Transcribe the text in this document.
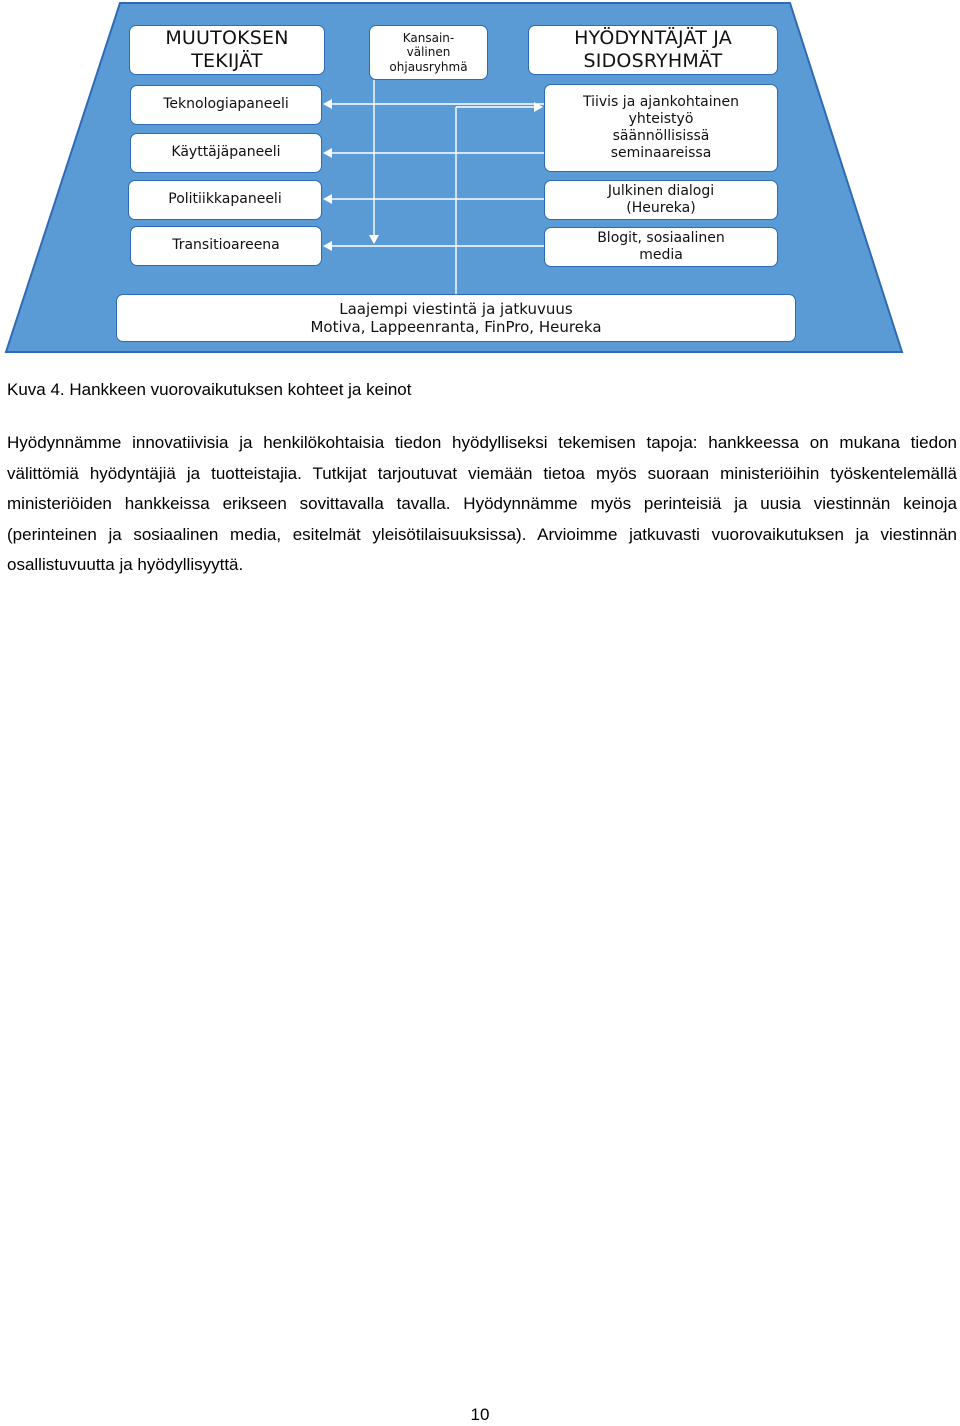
MUUTOKSEN
TEKIJÄT
Kansain-
välinen
ohjausryhmä
HYÖDYNTÄJÄT JA
SIDOSRYHMÄT
Teknologiapaneeli
Käyttäjäpaneeli
Politiikkapaneeli
Transitioareena
Tiivis ja ajankohtainen
yhteistyö
säännöllisissä
seminaareissa
Julkinen dialogi
(Heureka)
Blogit, sosiaalinen
media
Laajempi viestintä ja jatkuvuus
Motiva, Lappeenranta, FinPro, Heureka
Kuva 4. Hankkeen vuorovaikutuksen kohteet ja keinot

Hyödynnämme innovatiivisia ja henkilökohtaisia tiedon hyödylliseksi tekemisen tapoja: hankkeessa on mukana tiedon välittömiä hyödyntäjiä ja tuotteistajia. Tutkijat tarjoutuvat viemään tietoa myös suoraan ministeriöihin työskentelemällä ministeriöiden hankkeissa erikseen sovittavalla tavalla. Hyödynnämme myös perinteisiä ja uusia viestinnän keinoja (perinteinen ja sosiaalinen media, esitelmät yleisötilaisuuksissa). Arvioimme jatkuvasti vuorovaikutuksen ja viestinnän osallistuvuutta ja hyödyllisyyttä.

10
